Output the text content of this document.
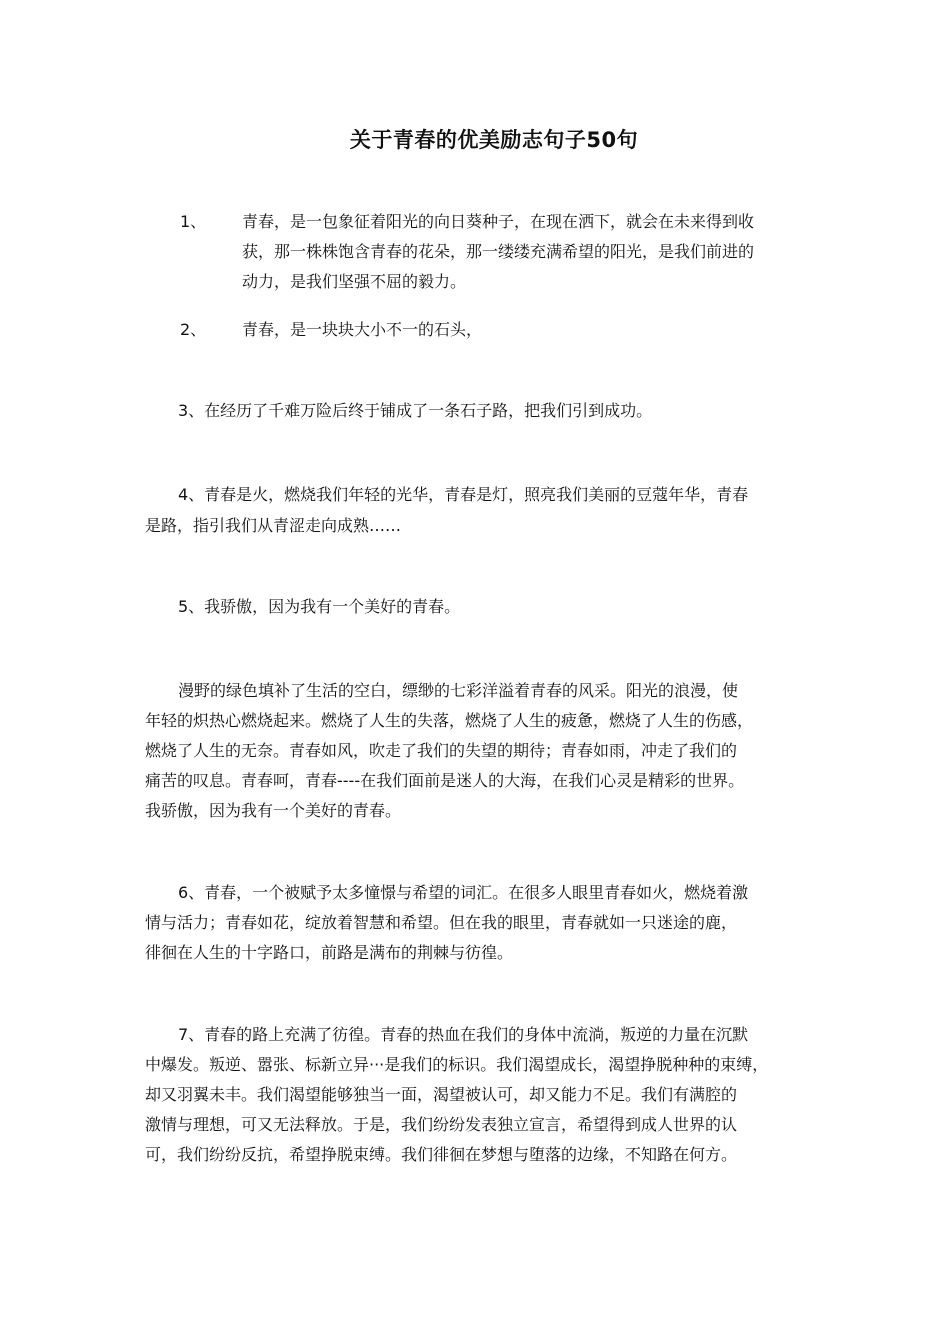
关于青春的优美励志句子50句
1、 青春，是一包象征着阳光的向日葵种子，在现在洒下，就会在未来得到收
获，那一株株饱含青春的花朵，那一缕缕充满希望的阳光，是我们前进的
动力，是我们坚强不屈的毅力。
2、 青春，是一块块大小不一的石头，
3、在经历了千难万险后终于铺成了一条石子路，把我们引到成功。
4、青春是火，燃烧我们年轻的光华，青春是灯，照亮我们美丽的豆蔻年华，青春
是路，指引我们从青涩走向成熟……
5、我骄傲，因为我有一个美好的青春。
漫野的绿色填补了生活的空白，缥缈的七彩洋溢着青春的风采。阳光的浪漫，使
年轻的炽热心燃烧起来。燃烧了人生的失落，燃烧了人生的疲惫，燃烧了人生的伤感，
燃烧了人生的无奈。青春如风，吹走了我们的失望的期待；青春如雨，冲走了我们的
痛苦的叹息。青春呵，青春----在我们面前是迷人的大海，在我们心灵是精彩的世界。
我骄傲，因为我有一个美好的青春。
6、青春，一个被赋予太多憧憬与希望的词汇。在很多人眼里青春如火，燃烧着激
情与活力；青春如花，绽放着智慧和希望。但在我的眼里，青春就如一只迷途的鹿，
徘徊在人生的十字路口，前路是满布的荆棘与彷徨。
7、青春的路上充满了彷徨。青春的热血在我们的身体中流淌，叛逆的力量在沉默
中爆发。叛逆、嚣张、标新立异···是我们的标识。我们渴望成长，渴望挣脱种种的束缚，
却又羽翼未丰。我们渴望能够独当一面，渴望被认可，却又能力不足。我们有满腔的
激情与理想，可又无法释放。于是，我们纷纷发表独立宣言，希望得到成人世界的认
可，我们纷纷反抗，希望挣脱束缚。我们徘徊在梦想与堕落的边缘，不知路在何方。
